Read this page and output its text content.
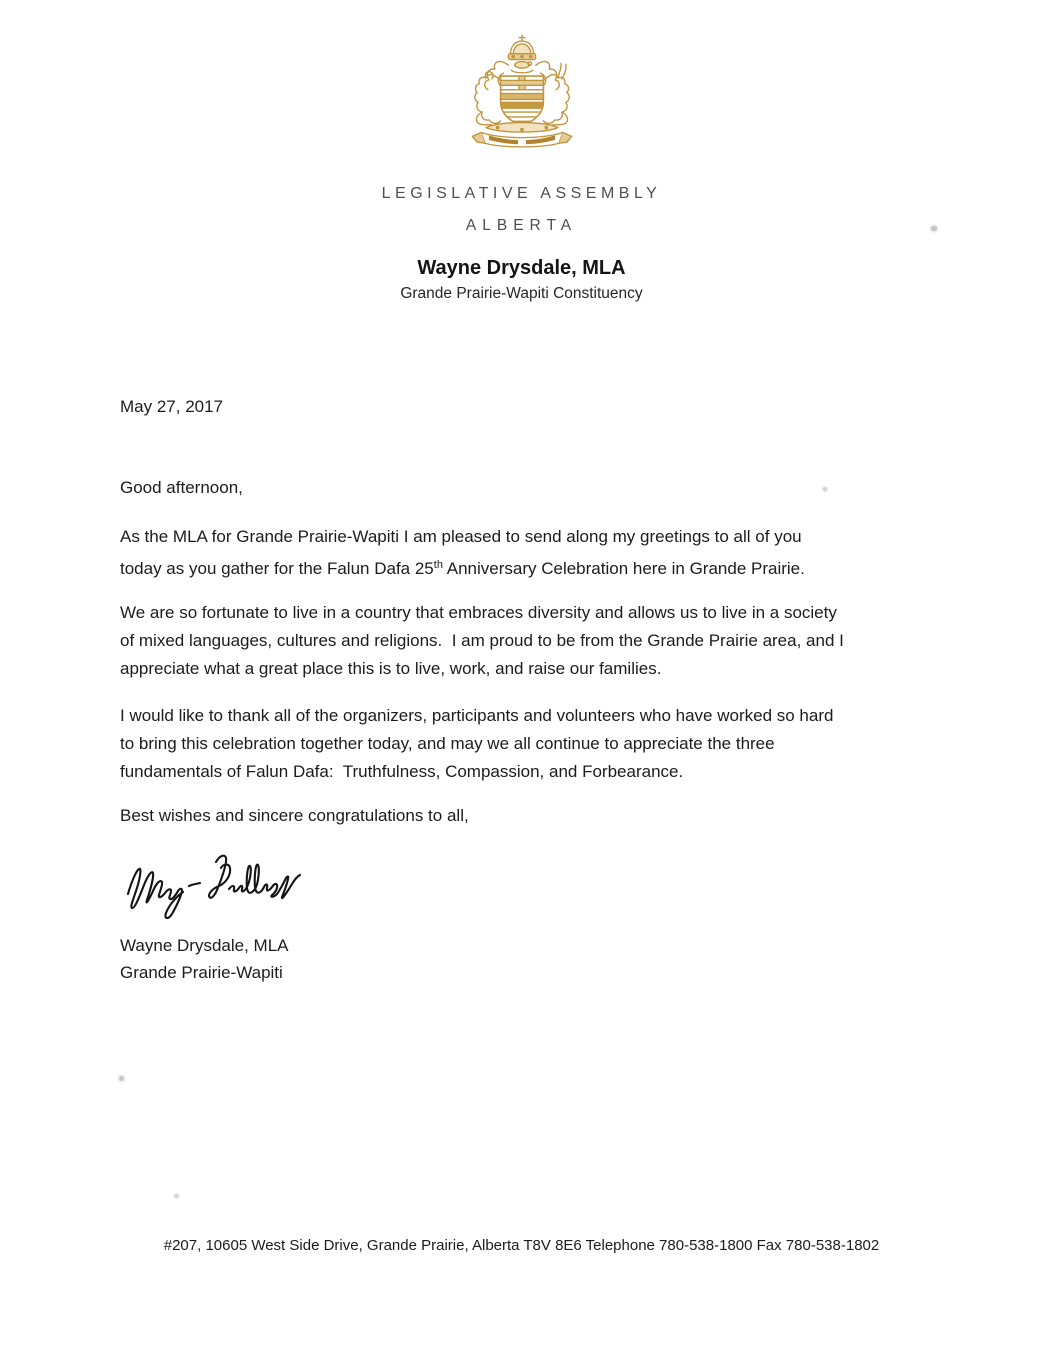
LEGISLATIVE ASSEMBLY
ALBERTA
Wayne Drysdale, MLA
Grande Prairie-Wapiti Constituency
May 27, 2017
Good afternoon,
As the MLA for Grande Prairie-Wapiti I am pleased to send along my greetings to all of you
today as you gather for the Falun Dafa 25th Anniversary Celebration here in Grande Prairie.
We are so fortunate to live in a country that embraces diversity and allows us to live in a society
of mixed languages, cultures and religions.  I am proud to be from the Grande Prairie area, and I
appreciate what a great place this is to live, work, and raise our families.
I would like to thank all of the organizers, participants and volunteers who have worked so hard
to bring this celebration together today, and may we all continue to appreciate the three
fundamentals of Falun Dafa:  Truthfulness, Compassion, and Forbearance.
Best wishes and sincere congratulations to all,
Wayne Drysdale, MLA
Grande Prairie-Wapiti
#207, 10605 West Side Drive, Grande Prairie, Alberta T8V 8E6 Telephone 780-538-1800 Fax 780-538-1802
